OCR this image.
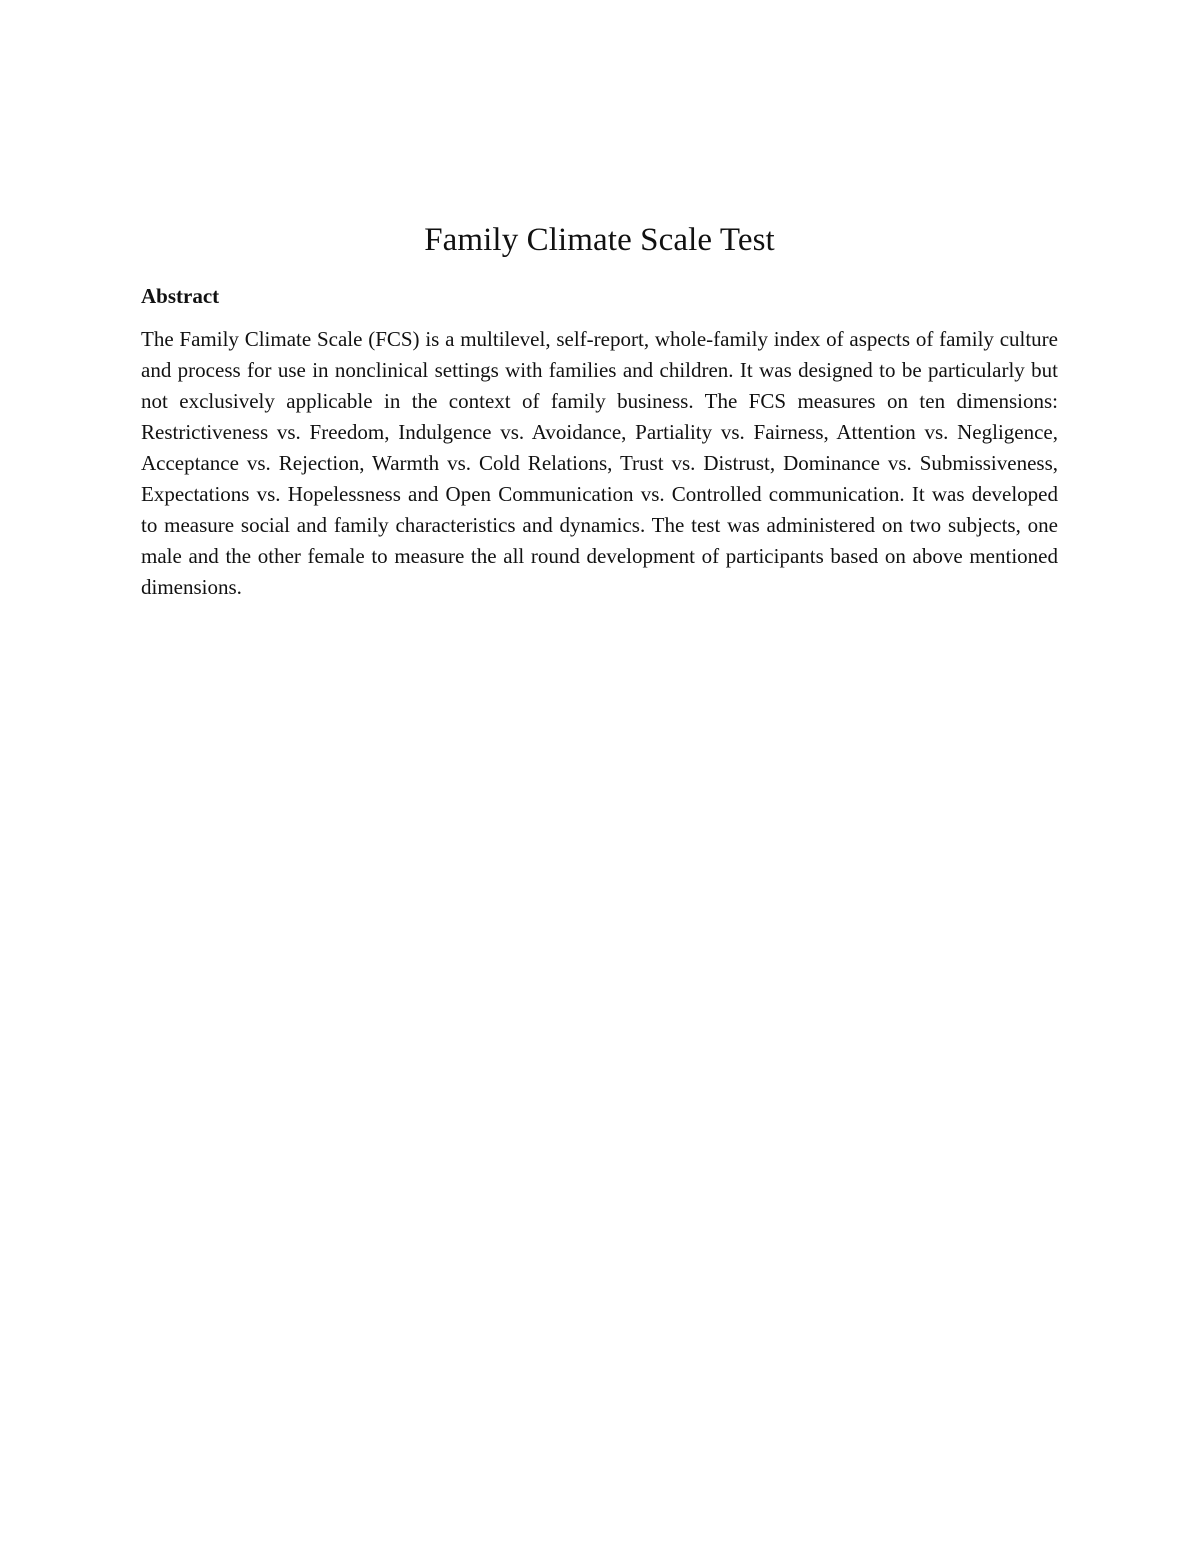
Family Climate Scale Test
Abstract

The Family Climate Scale (FCS) is a multilevel, self-report, whole-family index of aspects of family culture and process for use in nonclinical settings with families and children. It was designed to be particularly but not exclusively applicable in the context of family business. The FCS measures on ten dimensions: Restrictiveness vs. Freedom, Indulgence vs. Avoidance, Partiality vs. Fairness, Attention vs. Negligence, Acceptance vs. Rejection, Warmth vs. Cold Relations, Trust vs. Distrust, Dominance vs. Submissiveness, Expectations vs. Hopelessness and Open Communication vs. Controlled communication. It was developed to measure social and family characteristics and dynamics. The test was administered on two subjects, one male and the other female to measure the all round development of participants based on above mentioned dimensions.
